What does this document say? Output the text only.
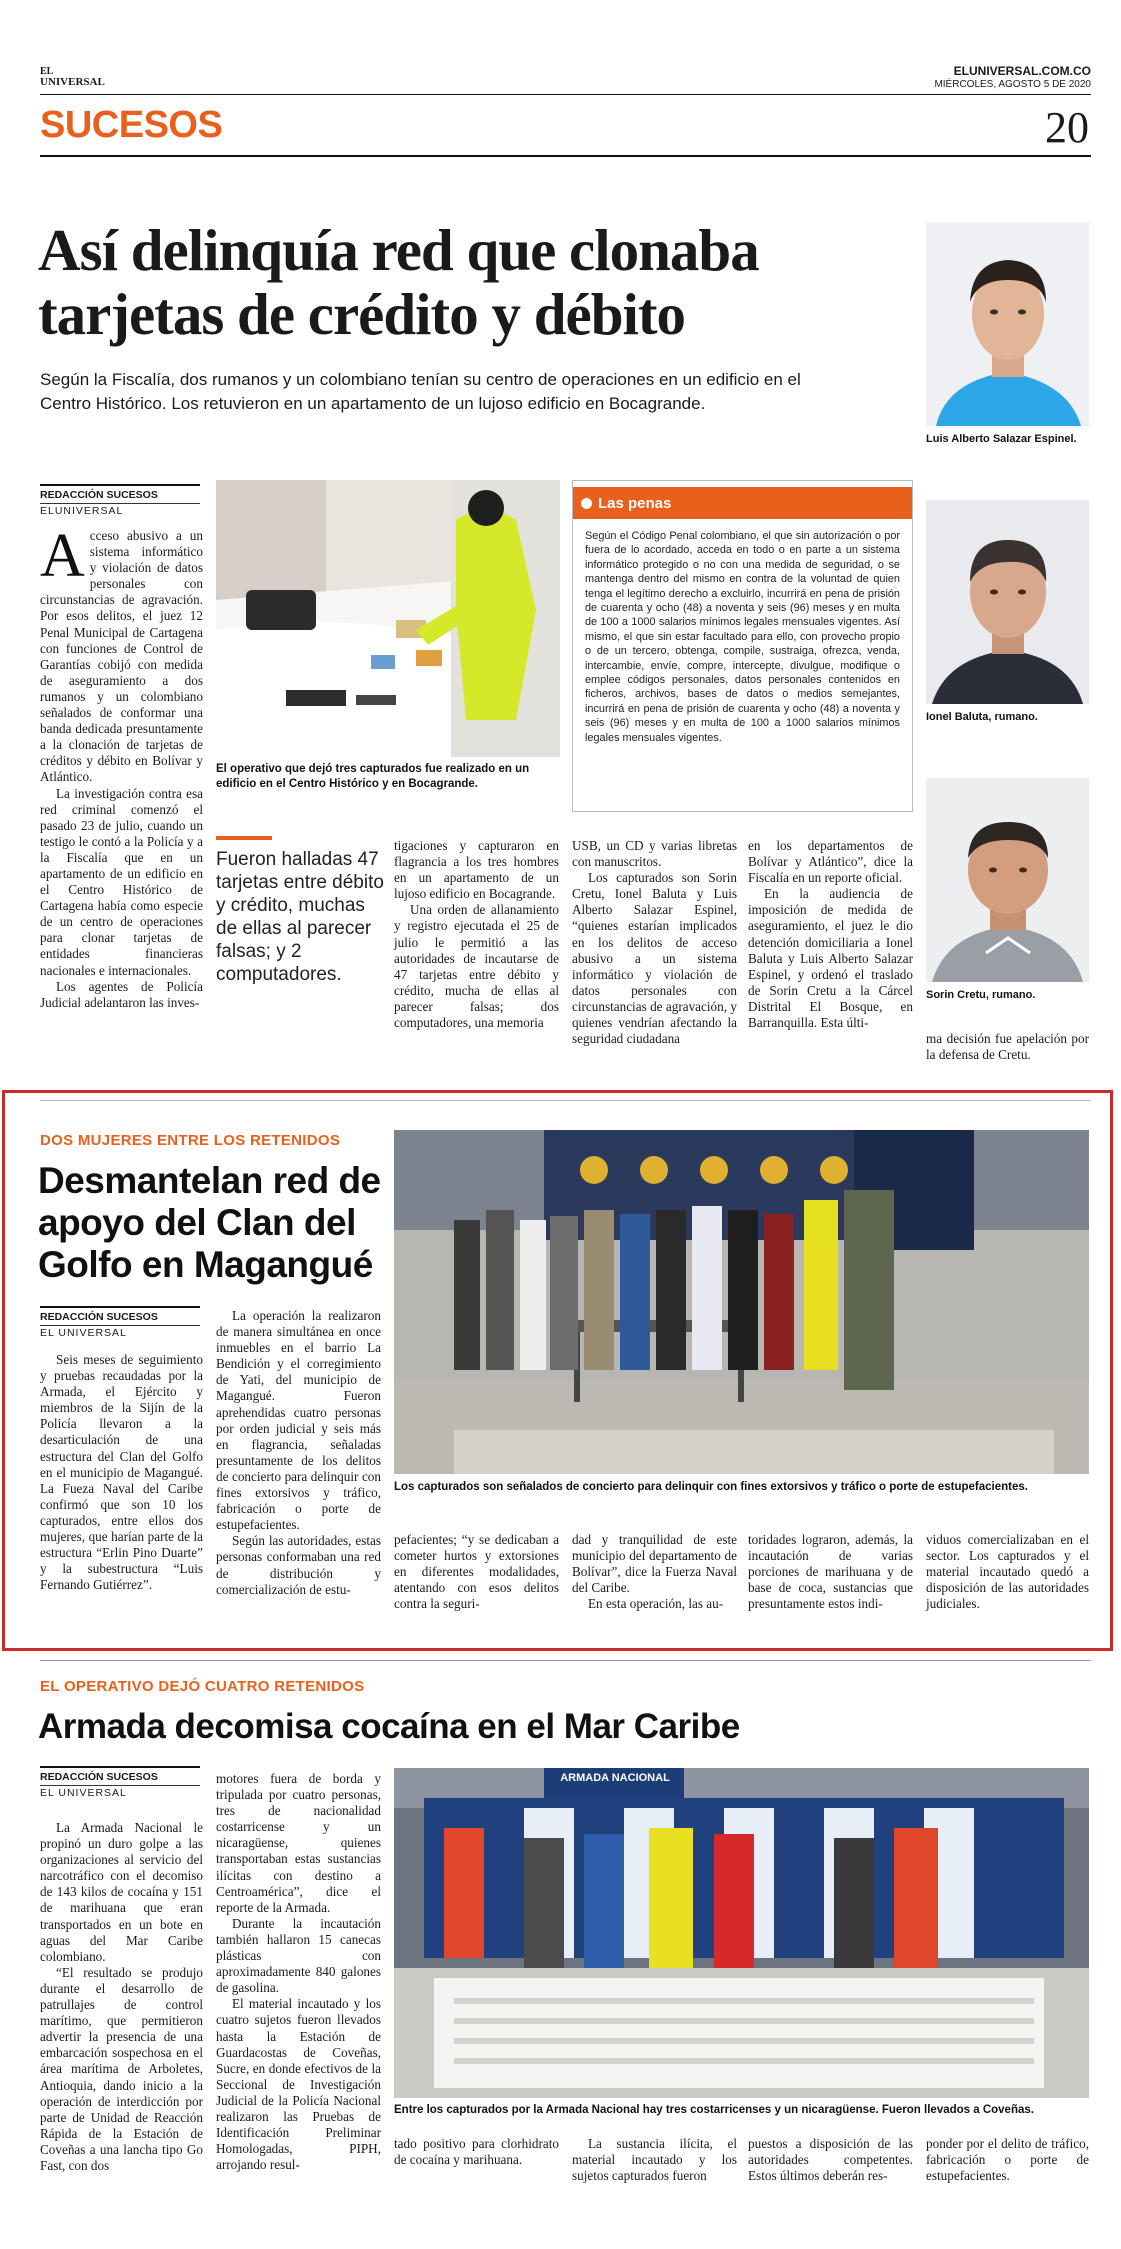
EL
UNIVERSAL
ELUNIVERSAL.COM.CO
MIÉRCOLES, AGOSTO 5 DE 2020
SUCESOS	20
Así delinquía red que clonaba
tarjetas de crédito y débito
Según la Fiscalía, dos rumanos y un colombiano tenían su centro de operaciones en un edificio en el
Centro Histórico. Los retuvieron en un apartamento de un lujoso edificio en Bocagrande.
Luis Alberto Salazar Espinel.
Ionel Baluta, rumano.
Sorin Cretu, rumano.
REDACCIÓN SUCESOS
ELUNIVERSAL

Acceso abusivo a un sistema informático y violación de datos personales con circunstancias de agravación. Por esos delitos, el juez 12 Penal Municipal de Cartagena con funciones de Control de Garantías cobijó con medida de aseguramiento a dos rumanos y un colombiano señalados de conformar una banda dedicada presuntamente a la clonación de tarjetas de créditos y débito en Bolívar y Atlántico.

La investigación contra esa red criminal comenzó el pasado 23 de julio, cuando un testigo le contó a la Policía y a la Fiscalía que en un apartamento de un edificio en el Centro Histórico de Cartagena había como especie de un centro de operaciones para clonar tarjetas de entidades financieras nacionales e internacionales.

Los agentes de Policía Judicial adelantaron las inves-

El operativo que dejó tres capturados fue realizado en un edificio en el Centro Histórico y en Bocagrande.
Las penas
Según el Código Penal colombiano, el que sin autorización o por fuera de lo acordado, acceda en todo o en parte a un sistema informático protegido o no con una medida de seguridad, o se mantenga dentro del mismo en contra de la voluntad de quien tenga el legítimo derecho a excluirlo, incurrirá en pena de prisión de cuarenta y ocho (48) a noventa y seis (96) meses y en multa de 100 a 1000 salarios mínimos legales mensuales vigentes. Así mismo, el que sin estar facultado para ello, con provecho propio o de un tercero, obtenga, compile, sustraiga, ofrezca, venda, intercambie, envíe, compre, intercepte, divulgue, modifique o emplee códigos personales, datos personales contenidos en ficheros, archivos, bases de datos o medios semejantes, incurrirá en pena de prisión de cuarenta y ocho (48) a noventa y seis (96) meses y en multa de 100 a 1000 salarios mínimos legales mensuales vigentes.
Fueron halladas 47 tarjetas entre débito y crédito, muchas de ellas al parecer falsas; y 2 computadores.

tigaciones y capturaron en flagrancia a los tres hombres en un apartamento de un lujoso edificio en Bocagrande.

Una orden de allanamiento y registro ejecutada el 25 de julio le permitió a las autoridades de incautarse de 47 tarjetas entre débito y crédito, mucha de ellas al parecer falsas; dos computadores, una memoria

USB, un CD y varias libretas con manuscritos.

Los capturados son Sorin Cretu, Ionel Baluta y Luis Alberto Salazar Espinel, “quienes estarían implicados en los delitos de acceso abusivo a un sistema informático y violación de datos personales con circunstancias de agravación, y quienes vendrían afectando la seguridad ciudadana

en los departamentos de Bolívar y Atlántico”, dice la Fiscalía en un reporte oficial.

En la audiencia de imposición de medida de aseguramiento, el juez le dio detención domiciliaria a Ionel Baluta y Luis Alberto Salazar Espinel, y ordenó el traslado de Sorin Cretu a la Cárcel Distrital El Bosque, en Barranquilla. Esta últi-

ma decisión fue apelación por la defensa de Cretu.

DOS MUJERES ENTRE LOS RETENIDOS
Desmantelan red de
apoyo del Clan del
Golfo en Magangué
REDACCIÓN SUCESOS
EL UNIVERSAL

Seis meses de seguimiento y pruebas recaudadas por la Armada, el Ejército y miembros de la Sijín de la Policía llevaron a la desarticulación de una estructura del Clan del Golfo en el municipio de Magangué. La Fueza Naval del Caribe confirmó que son 10 los capturados, entre ellos dos mujeres, que harían parte de la estructura “Erlin Pino Duarte” y la subestructura “Luis Fernando Gutiérrez”.

La operación la realizaron de manera simultánea en once inmuebles en el barrio La Bendición y el corregimiento de Yati, del municipio de Magangué. Fueron aprehendidas cuatro personas por orden judicial y seis más en flagrancia, señaladas presuntamente de los delitos de concierto para delinquir con fines extorsivos y tráfico, fabricación o porte de estupefacientes.

Según las autoridades, estas personas conformaban una red de distribución y comercialización de estu-

Los capturados son señalados de concierto para delinquir con fines extorsivos y tráfico o porte de estupefacientes.

pefacientes; “y se dedicaban a cometer hurtos y extorsiones en diferentes modalidades, atentando con esos delitos contra la seguri-

dad y tranquilidad de este municipio del departamento de Bolívar”, dice la Fuerza Naval del Caribe.

En esta operación, las au-

toridades lograron, además, la incautación de varias porciones de marihuana y de base de coca, sustancias que presuntamente estos indi-

viduos comercializaban en el sector. Los capturados y el material incautado quedó a disposición de las autoridades judiciales.

EL OPERATIVO DEJÓ CUATRO RETENIDOS
Armada decomisa cocaína en el Mar Caribe
REDACCIÓN SUCESOS
EL UNIVERSAL

La Armada Nacional le propinó un duro golpe a las organizaciones al servicio del narcotráfico con el decomiso de 143 kilos de cocaína y 151 de marihuana que eran transportados en un bote en aguas del Mar Caribe colombiano.

“El resultado se produjo durante el desarrollo de patrullajes de control marítimo, que permitieron advertir la presencia de una embarcación sospechosa en el área marítima de Arboletes, Antioquia, dando inicio a la operación de interdicción por parte de Unidad de Reacción Rápida de la Estación de Coveñas a una lancha tipo Go Fast, con dos

motores fuera de borda y tripulada por cuatro personas, tres de nacionalidad costarricense y un nicaragüense, quienes transportaban estas sustancias ilícitas con destino a Centroamérica”, dice el reporte de la Armada.

Durante la incautación también hallaron 15 canecas plásticas con aproximadamente 840 galones de gasolina.

El material incautado y los cuatro sujetos fueron llevados hasta la Estación de Guardacostas de Coveñas, Sucre, en donde efectivos de la Seccional de Investigación Judicial de la Policía Nacional realizaron las Pruebas de Identificación Preliminar Homologadas, PIPH, arrojando resul-

ARMADA NACIONAL
Entre los capturados por la Armada Nacional hay tres costarricenses y un nicaragüense. Fueron llevados a Coveñas.

tado positivo para clorhidrato de cocaína y marihuana.

La sustancia ilícita, el material incautado y los sujetos capturados fueron

puestos a disposición de las autoridades competentes. Estos últimos deberán res-

ponder por el delito de tráfico, fabricación o porte de estupefacientes.
